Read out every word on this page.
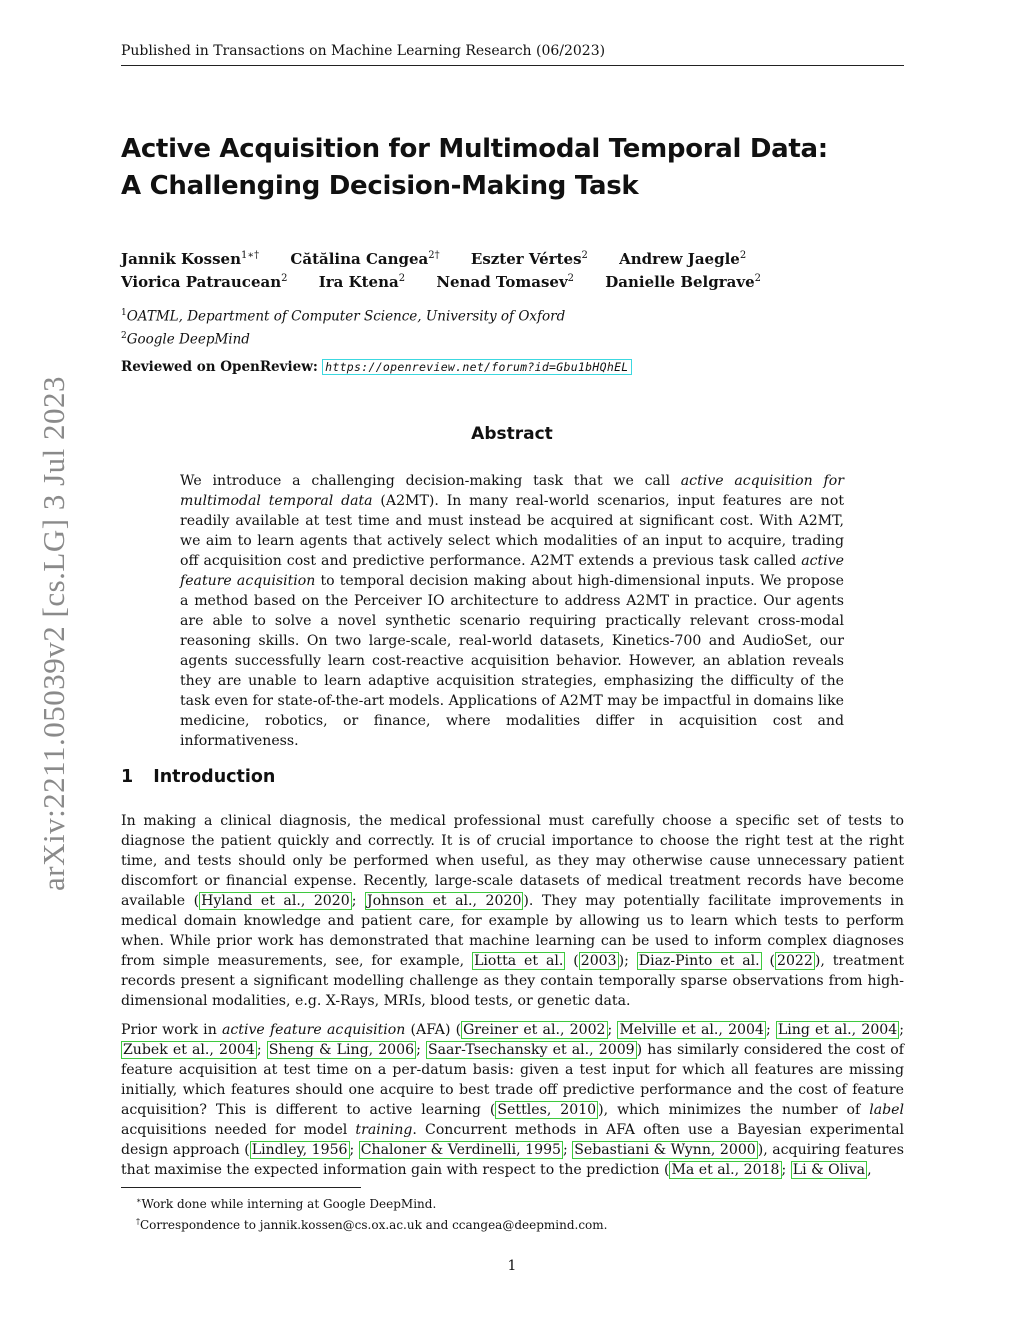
Published in Transactions on Machine Learning Research (06/2023)
arXiv:2211.05039v2 [cs.LG] 3 Jul 2023
Active Acquisition for Multimodal Temporal Data:
A Challenging Decision-Making Task
Jannik Kossen$^{1∗\dagger}$ Cătălina Cangea$^{2\dagger}$ Eszter Vértes$^2$ Andrew Jaegle$^2$
Viorica Patraucean$^2$ Ira Ktena$^2$ Nenad Tomasev$^2$ Danielle Belgrave$^2$
$^1$OATML, Department of Computer Science, University of Oxford
$^2$Google DeepMind
Reviewed on OpenReview: https://openreview.net/forum?id=Gbu1bHQhEL
Abstract

We introduce a challenging decision-making task that we call active acquisition for multimodal temporal data (A2MT). In many real-world scenarios, input features are not readily available at test time and must instead be acquired at significant cost. With A2MT, we aim to learn agents that actively select which modalities of an input to acquire, trading off acquisition cost and predictive performance. A2MT extends a previous task called active feature acquisition to temporal decision making about high-dimensional inputs. We propose a method based on the Perceiver IO architecture to address A2MT in practice. Our agents are able to solve a novel synthetic scenario requiring practically relevant cross-modal reasoning skills. On two large-scale, real-world datasets, Kinetics-700 and AudioSet, our agents successfully learn cost-reactive acquisition behavior. However, an ablation reveals they are unable to learn adaptive acquisition strategies, emphasizing the difficulty of the task even for state-of-the-art models. Applications of A2MT may be impactful in domains like medicine, robotics, or finance, where modalities differ in acquisition cost and informativeness.

1 Introduction

In making a clinical diagnosis, the medical professional must carefully choose a specific set of tests to diagnose the patient quickly and correctly. It is of crucial importance to choose the right test at the right time, and tests should only be performed when useful, as they may otherwise cause unnecessary patient discomfort or financial expense. Recently, large-scale datasets of medical treatment records have become available ( Hyland et al., 2020 ; Johnson et al., 2020 ). They may potentially facilitate improvements in medical domain knowledge and patient care, for example by allowing us to learn which tests to perform when. While prior work has demonstrated that machine learning can be used to inform complex diagnoses from simple measurements, see, for example, Liotta et al. ( 2003 ); Diaz-Pinto et al. ( 2022 ), treatment records present a significant modelling challenge as they contain temporally sparse observations from high-dimensional modalities, e.g. X-Rays, MRIs, blood tests, or genetic data.

Prior work in active feature acquisition (AFA) ( Greiner et al., 2002 ; Melville et al., 2004 ; Ling et al., 2004 ; Zubek et al., 2004 ; Sheng & Ling, 2006 ; Saar-Tsechansky et al., 2009 ) has similarly considered the cost of feature acquisition at test time on a per-datum basis: given a test input for which all features are missing initially, which features should one acquire to best trade off predictive performance and the cost of feature acquisition? This is different to active learning ( Settles, 2010 ), which minimizes the number of label acquisitions needed for model training. Concurrent methods in AFA often use a Bayesian experimental design approach ( Lindley, 1956 ; Chaloner & Verdinelli, 1995 ; Sebastiani & Wynn, 2000 ), acquiring features that maximise the expected information gain with respect to the prediction ( Ma et al., 2018 ; Li & Oliva ,

∗Work done while interning at Google DeepMind.
†Correspondence to jannik.kossen@cs.ox.ac.uk and ccangea@deepmind.com.
1
